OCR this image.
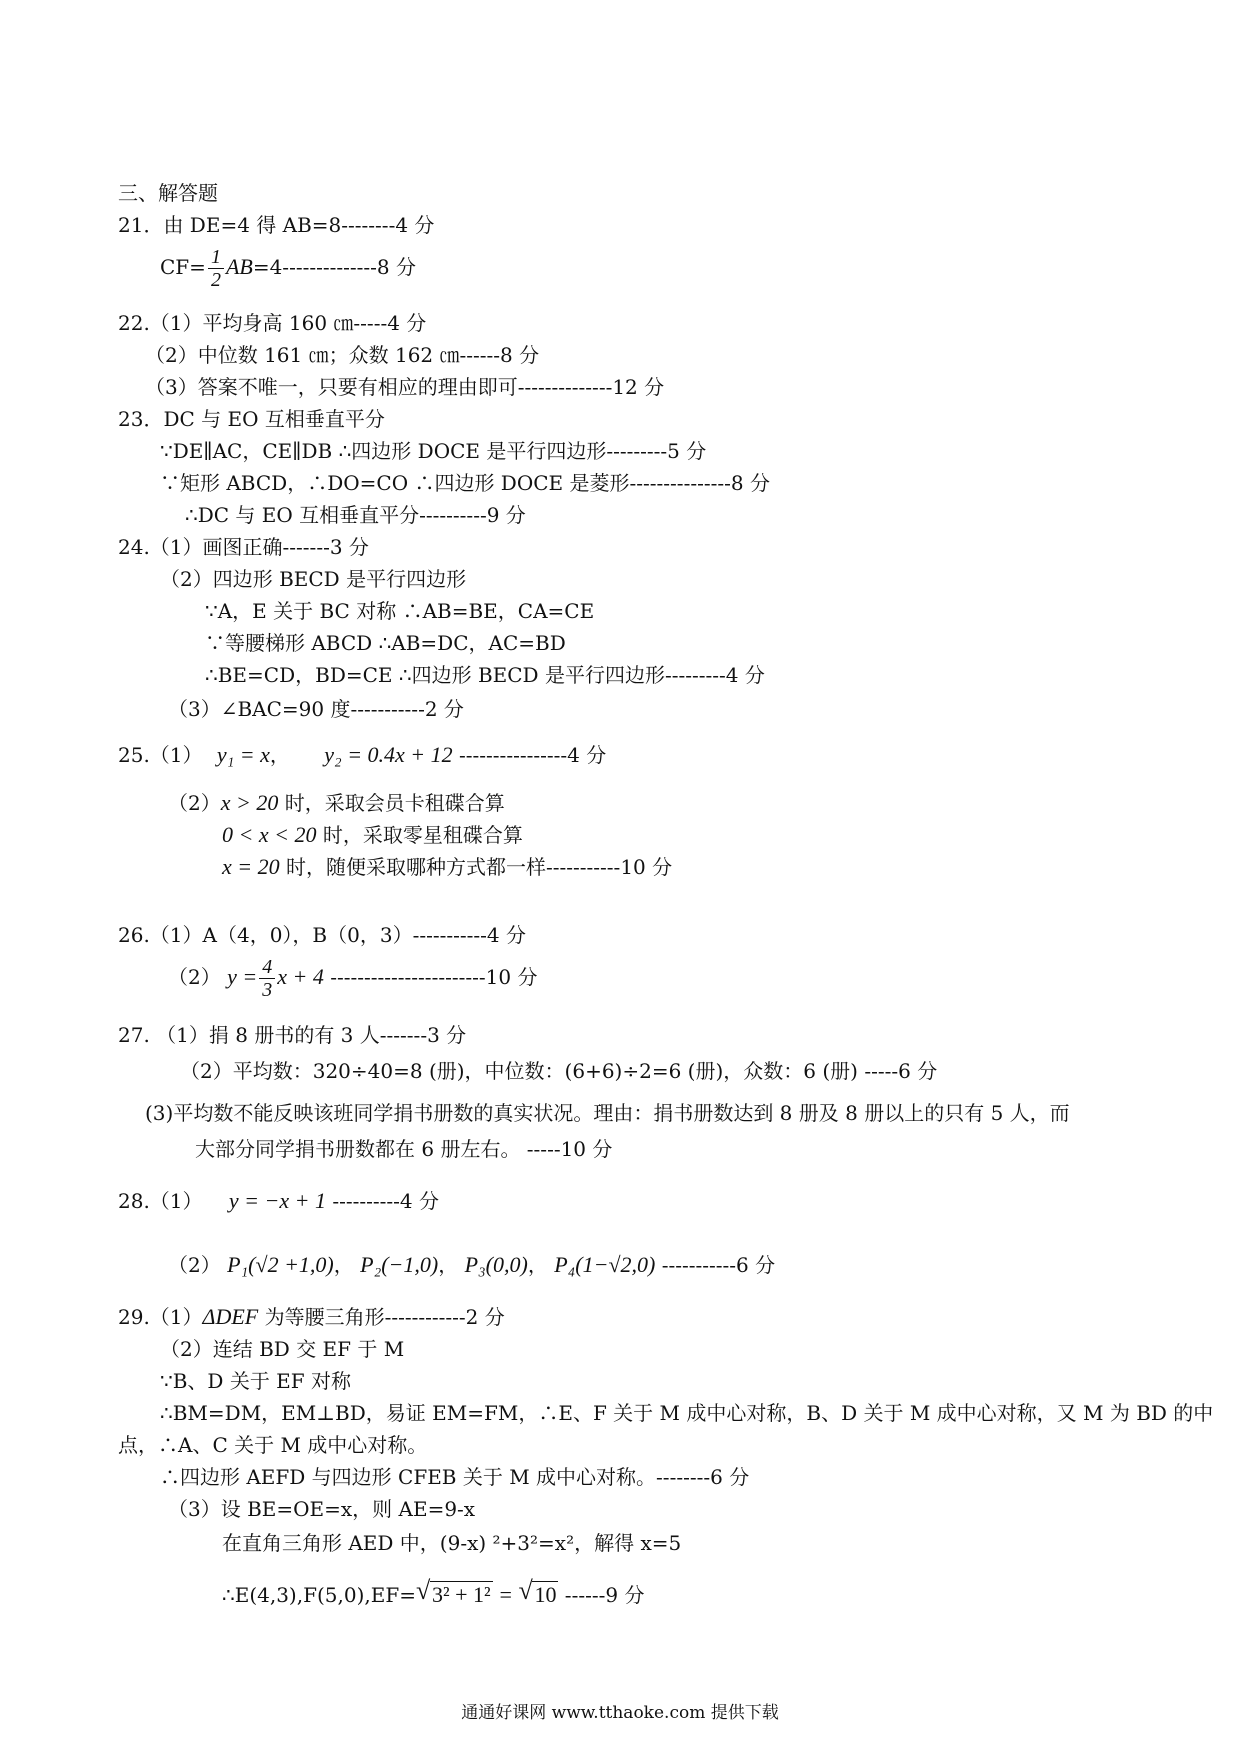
三、解答题
21．由 DE=4 得 AB=8--------4 分
$CF= \frac{1}{2} AB=4--------------8$ 分
22.（1）平均身高 160 ㎝-----4 分
（2）中位数 161 ㎝；众数 162 ㎝------8 分
（3）答案不唯一，只要有相应的理由即可--------------12 分
23．DC 与 EO 互相垂直平分
∵DE∥AC，CE∥DB ∴四边形 DOCE 是平行四边形---------5 分
∵矩形 ABCD，∴DO=CO ∴四边形 DOCE 是菱形---------------8 分
∴DC 与 EO 互相垂直平分----------9 分
24.（1）画图正确-------3 分
（2）四边形 BECD 是平行四边形
∵A，E 关于 BC 对称 ∴AB=BE，CA=CE
∵等腰梯形 ABCD ∴AB=DC，AC=BD
∴BE=CD，BD=CE ∴四边形 BECD 是平行四边形---------4 分
（3）∠BAC=90 度-----------2 分
25.（1） y₁ = x， y₂ = 0.4x + 12 ----------------4 分
（2）x > 20 时，采取会员卡租碟合算
0 < x < 20 时，采取零星租碟合算
x = 20 时，随便采取哪种方式都一样-----------10 分
26.（1）A（4，0），B（0，3）-----------4 分
（2） $y = \frac{4}{3}$ x + 4 -----------------------10 分
27. （1）捐 8 册书的有 3 人-------3 分
（2）平均数：320÷40=8 (册)，中位数：(6+6)÷2=6 (册)，众数：6 (册) -----6 分
(3)平均数不能反映该班同学捐书册数的真实状况。理由：捐书册数达到 8 册及 8 册以上的只有 5 人，而
大部分同学捐书册数都在 6 册左右。 -----10 分
28.（1） y = −x + 1 ----------4 分
（2） P₁(√2 +1,0)， P₂(−1,0)， P₃(0,0)， P₄(1−√2,0) -----------6 分
29.（1）ΔDEF 为等腰三角形------------2 分
（2）连结 BD 交 EF 于 M
∵B、D 关于 EF 对称
∴BM=DM，EM⊥BD，易证 EM=FM，∴E、F 关于 M 成中心对称，B、D 关于 M 成中心对称，又 M 为 BD 的中
点，∴A、C 关于 M 成中心对称。
∴四边形 AEFD 与四边形 CFEB 关于 M 成中心对称。--------6 分
（3）设 BE=OE=x，则 AE=9-x
在直角三角形 AED 中，(9-x) ²+3²=x²，解得 x=5
∴E(4,3),F(5,0),EF= √ 3² + 1² = √ 10 ------9 分
通通好课网 www.tthaoke.com 提供下载
